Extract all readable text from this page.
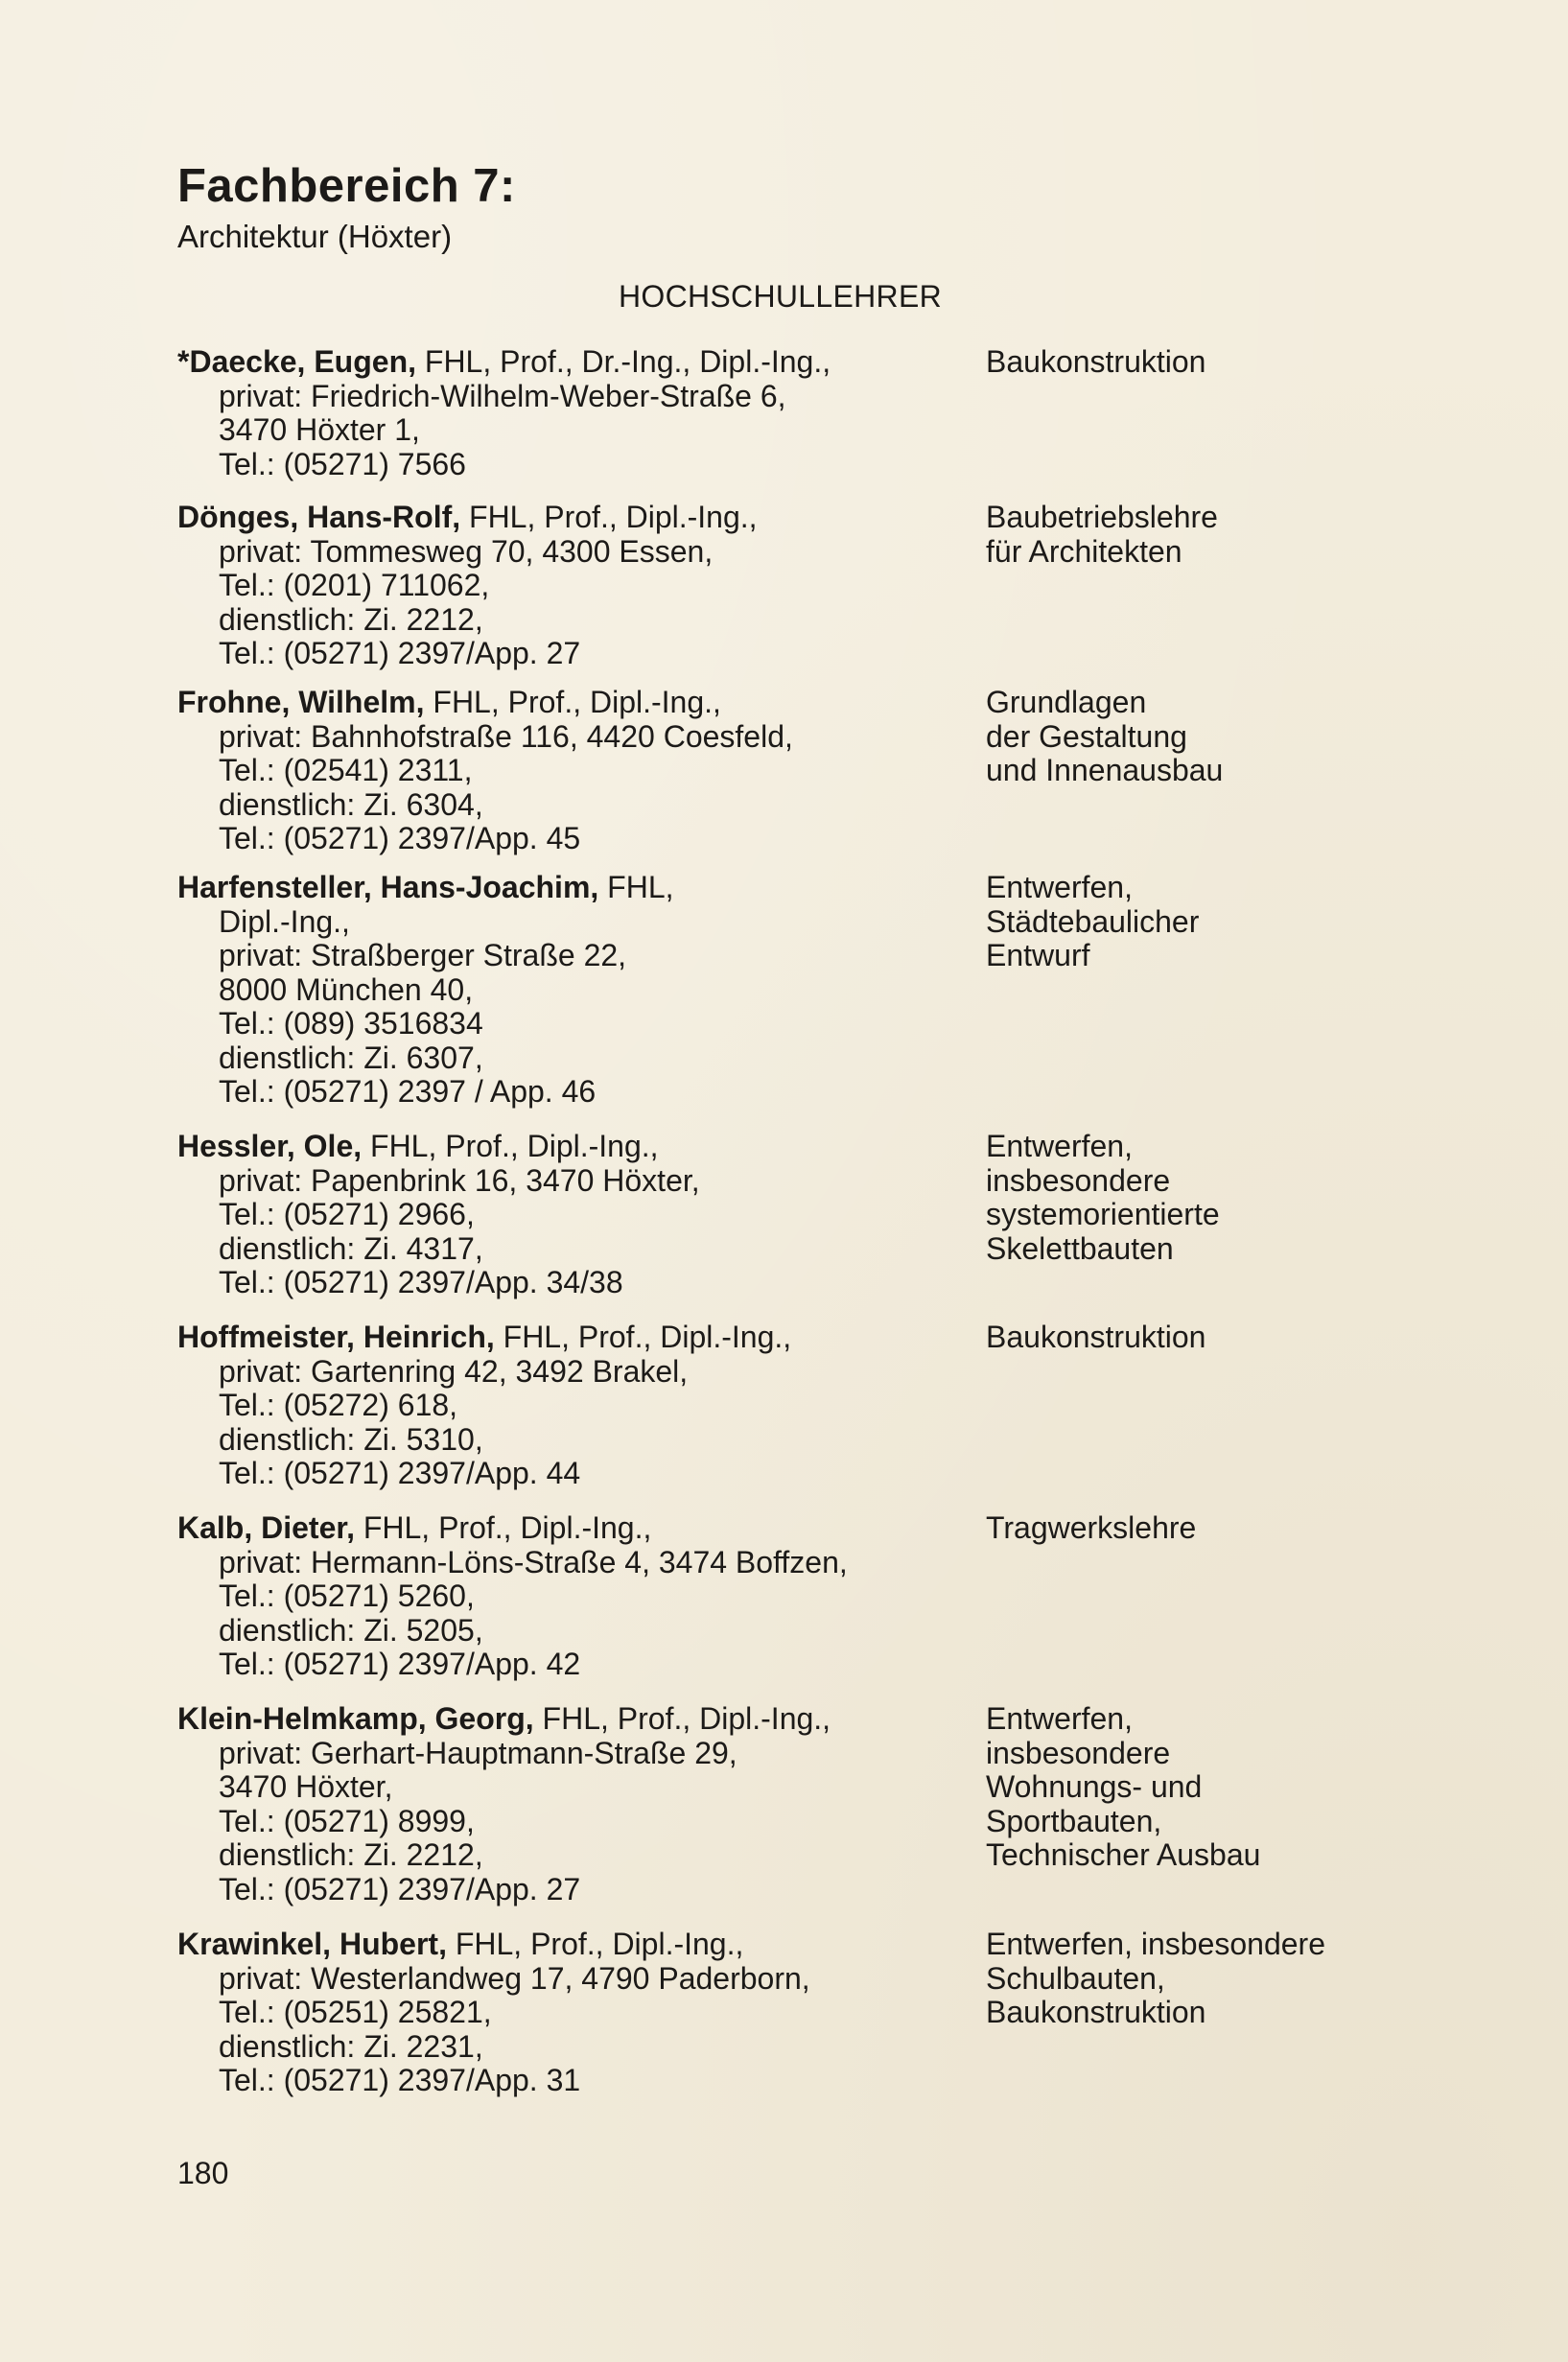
Fachbereich 7:
Architektur (Höxter)
HOCHSCHULLEHRER
*Daecke, Eugen, FHL, Prof., Dr.-Ing., Dipl.-Ing.,
privat: Friedrich-Wilhelm-Weber-Straße 6,
3470 Höxter 1,
Tel.: (05271) 7566
Baukonstruktion
Dönges, Hans-Rolf, FHL, Prof., Dipl.-Ing.,
privat: Tommesweg 70, 4300 Essen,
Tel.: (0201) 711062,
dienstlich: Zi. 2212,
Tel.: (05271) 2397/App. 27
Baubetriebslehre
für Architekten
Frohne, Wilhelm, FHL, Prof., Dipl.-Ing.,
privat: Bahnhofstraße 116, 4420 Coesfeld,
Tel.: (02541) 2311,
dienstlich: Zi. 6304,
Tel.: (05271) 2397/App. 45
Grundlagen
der Gestaltung
und Innenausbau
Harfensteller, Hans-Joachim, FHL,
Dipl.-Ing.,
privat: Straßberger Straße 22,
8000 München 40,
Tel.: (089) 3516834
dienstlich: Zi. 6307,
Tel.: (05271) 2397 / App. 46
Entwerfen,
Städtebaulicher
Entwurf
Hessler, Ole, FHL, Prof., Dipl.-Ing.,
privat: Papenbrink 16, 3470 Höxter,
Tel.: (05271) 2966,
dienstlich: Zi. 4317,
Tel.: (05271) 2397/App. 34/38
Entwerfen,
insbesondere
systemorientierte
Skelettbauten
Hoffmeister, Heinrich, FHL, Prof., Dipl.-Ing.,
privat: Gartenring 42, 3492 Brakel,
Tel.: (05272) 618,
dienstlich: Zi. 5310,
Tel.: (05271) 2397/App. 44
Baukonstruktion
Kalb, Dieter, FHL, Prof., Dipl.-Ing.,
privat: Hermann-Löns-Straße 4, 3474 Boffzen,
Tel.: (05271) 5260,
dienstlich: Zi. 5205,
Tel.: (05271) 2397/App. 42
Tragwerkslehre
Klein-Helmkamp, Georg, FHL, Prof., Dipl.-Ing.,
privat: Gerhart-Hauptmann-Straße 29,
3470 Höxter,
Tel.: (05271) 8999,
dienstlich: Zi. 2212,
Tel.: (05271) 2397/App. 27
Entwerfen,
insbesondere
Wohnungs- und
Sportbauten,
Technischer Ausbau
Krawinkel, Hubert, FHL, Prof., Dipl.-Ing.,
privat: Westerlandweg 17, 4790 Paderborn,
Tel.: (05251) 25821,
dienstlich: Zi. 2231,
Tel.: (05271) 2397/App. 31
Entwerfen, insbesondere
Schulbauten,
Baukonstruktion
180
